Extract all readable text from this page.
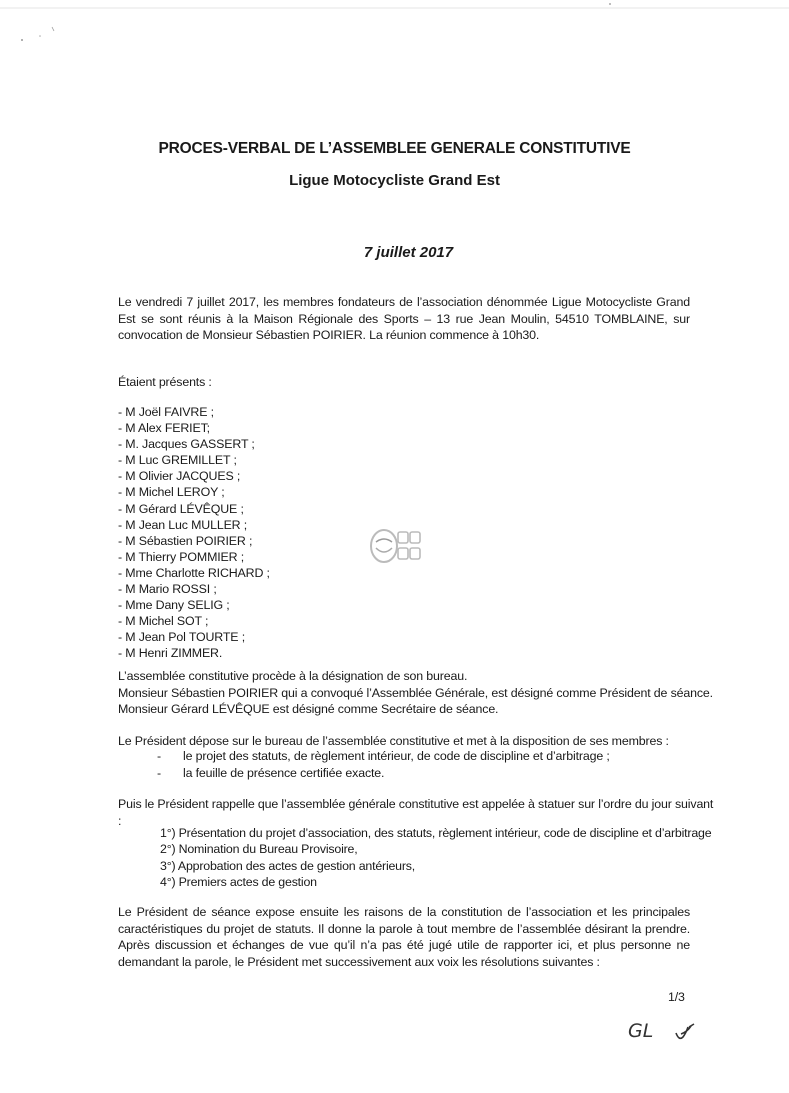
PROCES-VERBAL DE L’ASSEMBLEE GENERALE CONSTITUTIVE
Ligue Motocycliste Grand Est
7 juillet 2017
Le vendredi 7 juillet 2017, les membres fondateurs de l’association dénommée Ligue Motocycliste Grand Est se sont réunis à la Maison Régionale des Sports – 13 rue Jean Moulin, 54510 TOMBLAINE, sur convocation de Monsieur Sébastien POIRIER. La réunion commence à 10h30.
Étaient présents :
- M Joël FAIVRE ;
- M Alex FERIET;
- M. Jacques GASSERT ;
- M Luc GREMILLET ;
- M Olivier JACQUES ;
- M Michel LEROY ;
- M Gérard LÉVÊQUE ;
- M Jean Luc MULLER ;
- M Sébastien POIRIER ;
- M Thierry POMMIER ;
- Mme Charlotte RICHARD ;
- M Mario ROSSI ;
- Mme Dany SELIG ;
- M Michel SOT ;
- M Jean Pol TOURTE ;
- M Henri ZIMMER.
L’assemblée constitutive procède à la désignation de son bureau.
Monsieur Sébastien POIRIER qui a convoqué l’Assemblée Générale, est désigné comme Président de séance.
Monsieur Gérard LÉVÊQUE est désigné comme Secrétaire de séance.
Le Président dépose sur le bureau de l’assemblée constitutive et met à la disposition de ses membres :
- le projet des statuts, de règlement intérieur, de code de discipline et d’arbitrage ;
- la feuille de présence certifiée exacte.
Puis le Président rappelle que l’assemblée générale constitutive est appelée à statuer sur l’ordre du jour suivant :
1°) Présentation du projet d’association, des statuts, règlement intérieur, code de discipline et d’arbitrage
2°) Nomination du Bureau Provisoire,
3°) Approbation des actes de gestion antérieurs,
4°) Premiers actes de gestion
Le Président de séance expose ensuite les raisons de la constitution de l’association et les principales caractéristiques du projet de statuts. Il donne la parole à tout membre de l’assemblée désirant la prendre. Après discussion et échanges de vue qu’il n’a pas été jugé utile de rapporter ici, et plus personne ne demandant la parole, le Président met successivement aux voix les résolutions suivantes :
1/3
GL
